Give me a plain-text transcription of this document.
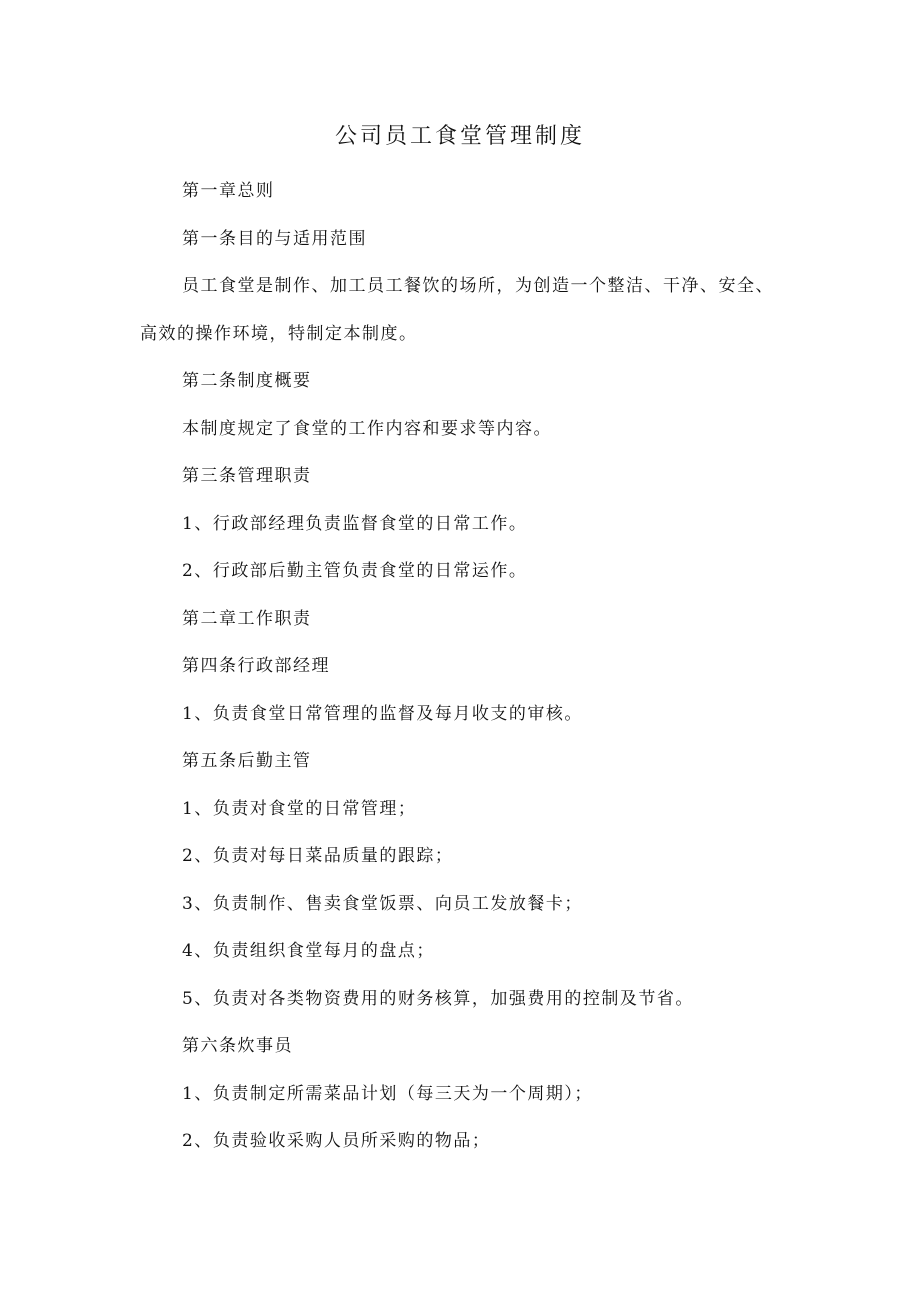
公司员工食堂管理制度

第一章总则

第一条目的与适用范围

员工食堂是制作、加工员工餐饮的场所，为创造一个整洁、干净、安全、高效的操作环境，特制定本制度。

第二条制度概要

本制度规定了食堂的工作内容和要求等内容。

第三条管理职责

1、行政部经理负责监督食堂的日常工作。

2、行政部后勤主管负责食堂的日常运作。

第二章工作职责

第四条行政部经理

1、负责食堂日常管理的监督及每月收支的审核。

第五条后勤主管

1、负责对食堂的日常管理；

2、负责对每日菜品质量的跟踪；

3、负责制作、售卖食堂饭票、向员工发放餐卡；

4、负责组织食堂每月的盘点；

5、负责对各类物资费用的财务核算，加强费用的控制及节省。

第六条炊事员

1、负责制定所需菜品计划（每三天为一个周期）；

2、负责验收采购人员所采购的物品；
